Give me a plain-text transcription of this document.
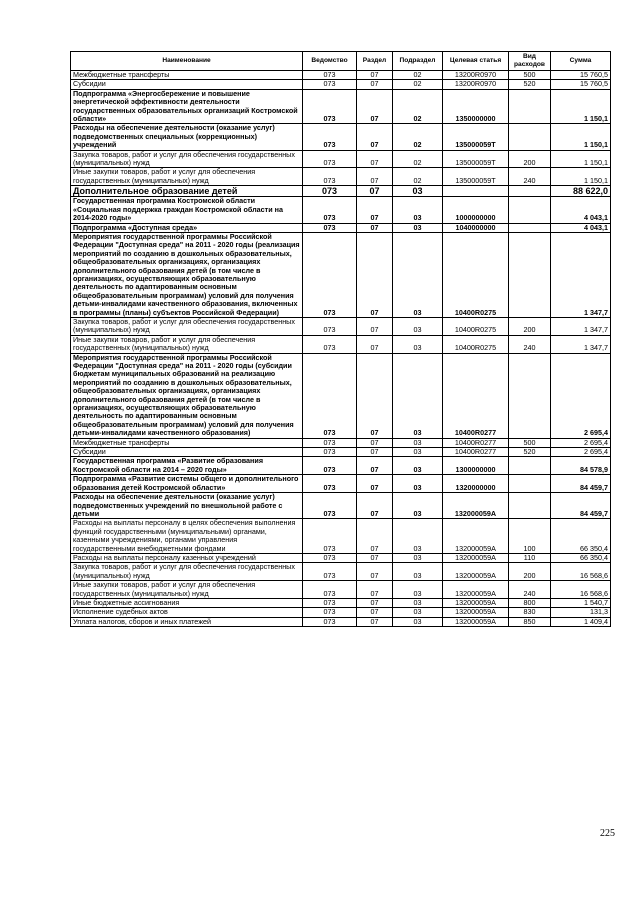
Наименование	Ведомство	Раздел	Подраздел	Целевая статья	Вид расходов	Сумма
Межбюджетные трансферты	073	07	02	13200R0970	500	15 760,5
Субсидии	073	07	02	13200R0970	520	15 760,5
Подпрограмма «Энергосбережение и повышение энергетической эффективности деятельности государственных образовательных организаций Костромской области»	073	07	02	1350000000		1 150,1
Расходы на обеспечение деятельности (оказание услуг) подведомственных специальных (коррекционных) учреждений	073	07	02	135000059Т		1 150,1
Закупка товаров, работ и услуг для обеспечения государственных (муниципальных) нужд	073	07	02	135000059Т	200	1 150,1
Иные закупки товаров, работ и услуг для обеспечения государственных (муниципальных) нужд	073	07	02	135000059Т	240	1 150,1
Дополнительное образование детей	073	07	03			88 622,0
Государственная программа Костромской области «Социальная поддержка граждан Костромской области на 2014-2020 годы»	073	07	03	1000000000		4 043,1
Подпрограмма «Доступная среда»	073	07	03	1040000000		4 043,1
Мероприятия государственной программы Российской Федерации "Доступная среда" на 2011 - 2020 годы (реализация мероприятий по созданию в дошкольных образовательных, общеобразовательных организациях, организациях дополнительного образования детей (в том числе в организациях, осуществляющих образовательную деятельность по адаптированным основным общеобразовательным программам) условий для получения детьми-инвалидами качественного образования, включенных в программы (планы) субъектов Российской Федерации)	073	07	03	10400R0275		1 347,7
Закупка товаров, работ и услуг для обеспечения государственных (муниципальных) нужд	073	07	03	10400R0275	200	1 347,7
Иные закупки товаров, работ и услуг для обеспечения государственных (муниципальных) нужд	073	07	03	10400R0275	240	1 347,7
Мероприятия государственной программы Российской Федерации "Доступная среда" на 2011 - 2020 годы (субсидии бюджетам муниципальных образований на реализацию мероприятий по созданию в дошкольных образовательных, общеобразовательных организациях, организациях дополнительного образования детей (в том числе в организациях, осуществляющих образовательную деятельность по адаптированным основным общеобразовательным программам) условий для получения детьми-инвалидами качественного образования)	073	07	03	10400R0277		2 695,4
Межбюджетные трансферты	073	07	03	10400R0277	500	2 695,4
Субсидии	073	07	03	10400R0277	520	2 695,4
Государственная программа «Развитие образования Костромской области на 2014 – 2020 годы»	073	07	03	1300000000		84 578,9
Подпрограмма «Развитие системы общего и дополнительного образования детей Костромской области»	073	07	03	1320000000		84 459,7
Расходы на обеспечение деятельности (оказание услуг) подведомственных учреждений по внешкольной работе с детьми	073	07	03	132000059А		84 459,7
Расходы на выплаты персоналу в целях обеспечения выполнения функций государственными (муниципальными) органами, казенными учреждениями, органами управления государственными внебюджетными фондами	073	07	03	132000059А	100	66 350,4
Расходы на выплаты персоналу казенных учреждений	073	07	03	132000059А	110	66 350,4
Закупка товаров, работ и услуг для обеспечения государственных (муниципальных) нужд	073	07	03	132000059А	200	16 568,6
Иные закупки товаров, работ и услуг для обеспечения государственных (муниципальных) нужд	073	07	03	132000059А	240	16 568,6
Иные бюджетные ассигнования	073	07	03	132000059А	800	1 540,7
Исполнение судебных актов	073	07	03	132000059А	830	131,3
Уплата налогов, сборов и иных платежей	073	07	03	132000059А	850	1 409,4
225
